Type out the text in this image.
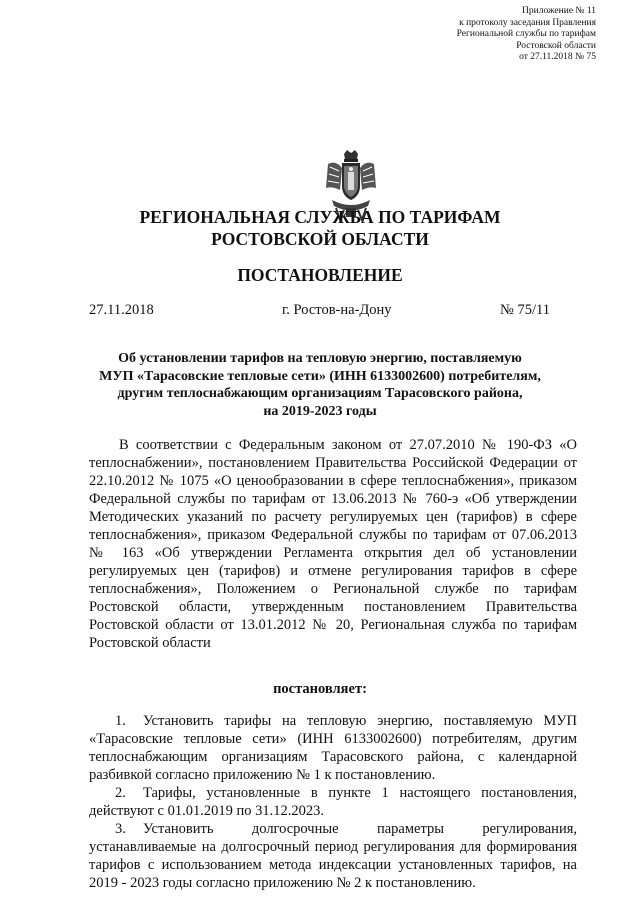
Приложение № 11
к протоколу заседания Правления
Региональной службы по тарифам
Ростовской области
от 27.11.2018 № 75
РЕГИОНАЛЬНАЯ СЛУЖБА ПО ТАРИФАМ
РОСТОВСКОЙ ОБЛАСТИ
ПОСТАНОВЛЕНИЕ
27.11.2018	г. Ростов-на-Дону	№ 75/11
Об установлении тарифов на тепловую энергию, поставляемую
МУП «Тарасовские тепловые сети» (ИНН 6133002600) потребителям,
другим теплоснабжающим организациям Тарасовского района,
на 2019-2023 годы

В соответствии с Федеральным законом от 27.07.2010 № 190-ФЗ «О теплоснабжении», постановлением Правительства Российской Федерации от 22.10.2012 № 1075 «О ценообразовании в сфере теплоснабжения», приказом Федеральной службы по тарифам от 13.06.2013 № 760-э «Об утверждении Методических указаний по расчету регулируемых цен (тарифов) в сфере теплоснабжения», приказом Федеральной службы по тарифам от 07.06.2013 № 163 «Об утверждении Регламента открытия дел об установлении регулируемых цен (тарифов) и отмене регулирования тарифов в сфере теплоснабжения», Положением о Региональной службе по тарифам Ростовской области, утвержденным постановлением Правительства Ростовской области от 13.01.2012 № 20, Региональная служба по тарифам Ростовской области

постановляет:

1. Установить тарифы на тепловую энергию, поставляемую МУП «Тарасовские тепловые сети» (ИНН 6133002600) потребителям, другим теплоснабжающим организациям Тарасовского района, с календарной разбивкой согласно приложению № 1 к постановлению.

2. Тарифы, установленные в пункте 1 настоящего постановления, действуют с 01.01.2019 по 31.12.2023.

3. Установить долгосрочные параметры регулирования, устанавливаемые на долгосрочный период регулирования для формирования тарифов с использованием метода индексации установленных тарифов, на 2019 - 2023 годы согласно приложению № 2 к постановлению.
